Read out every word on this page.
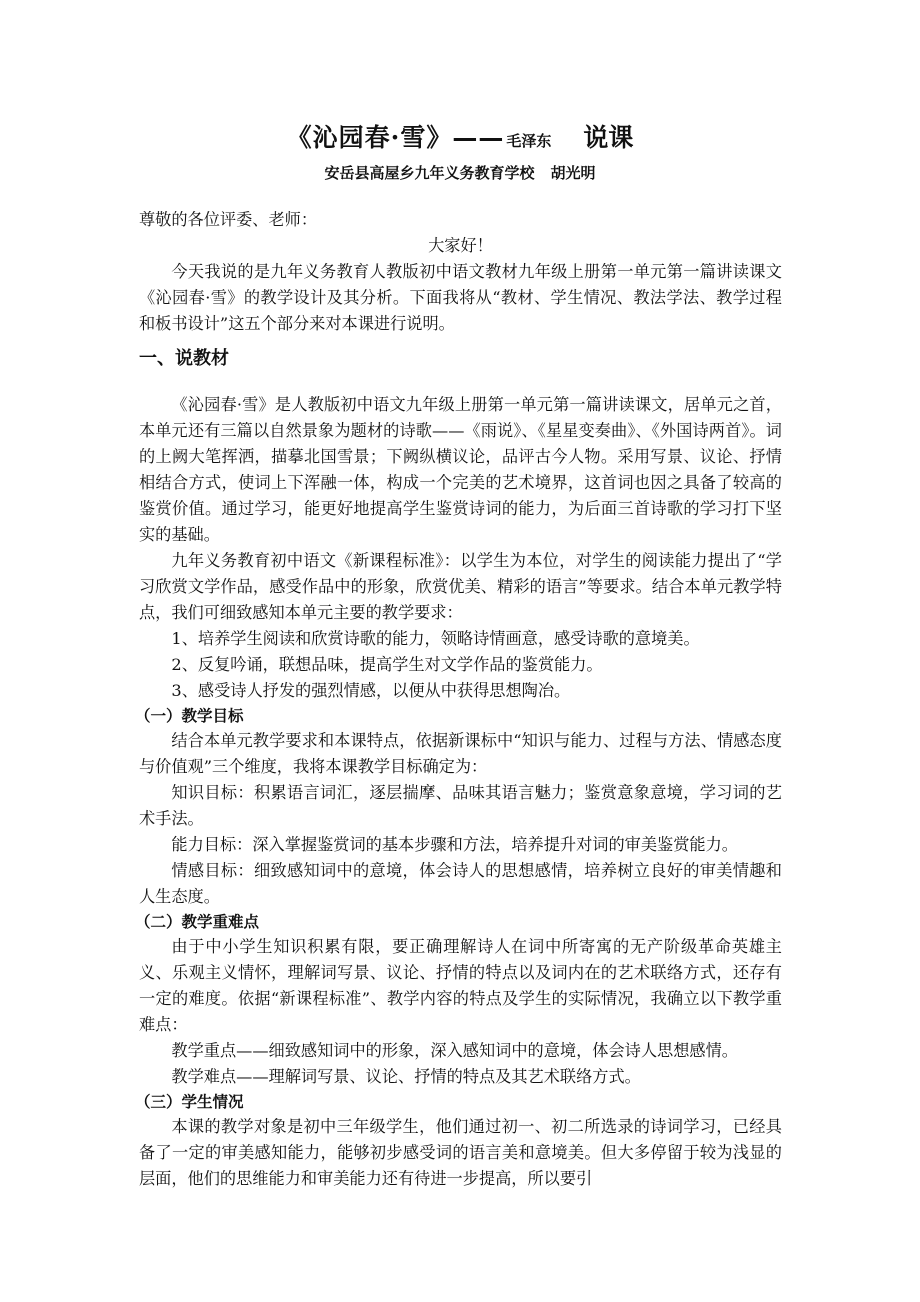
《沁园春·雪》—— 毛泽东 说课
安岳县高屋乡九年义务教育学校 胡光明

尊敬的各位评委、老师：

大家好！

今天我说的是九年义务教育人教版初中语文教材九年级上册第一单元第一篇讲读课文《沁园春·雪》的教学设计及其分析。下面我将从“教材、学生情况、教法学法、教学过程和板书设计”这五个部分来对本课进行说明。

一、说教材

《沁园春·雪》是人教版初中语文九年级上册第一单元第一篇讲读课文，居单元之首，本单元还有三篇以自然景象为题材的诗歌——《雨说》、《星星变奏曲》、《外国诗两首》。词的上阙大笔挥洒，描摹北国雪景；下阙纵横议论，品评古今人物。采用写景、议论、抒情相结合方式，使词上下浑融一体，构成一个完美的艺术境界，这首词也因之具备了较高的鉴赏价值。通过学习，能更好地提高学生鉴赏诗词的能力，为后面三首诗歌的学习打下坚实的基础。

九年义务教育初中语文《新课程标准》：以学生为本位，对学生的阅读能力提出了“学习欣赏文学作品，感受作品中的形象，欣赏优美、精彩的语言”等要求。结合本单元教学特点，我们可细致感知本单元主要的教学要求：

1、培养学生阅读和欣赏诗歌的能力，领略诗情画意，感受诗歌的意境美。

2、反复吟诵，联想品味，提高学生对文学作品的鉴赏能力。

3、感受诗人抒发的强烈情感，以便从中获得思想陶冶。

（一）教学目标

结合本单元教学要求和本课特点，依据新课标中“知识与能力、过程与方法、情感态度与价值观”三个维度，我将本课教学目标确定为：

知识目标：积累语言词汇，逐层揣摩、品味其语言魅力；鉴赏意象意境，学习词的艺术手法。

能力目标：深入掌握鉴赏词的基本步骤和方法，培养提升对词的审美鉴赏能力。

情感目标：细致感知词中的意境，体会诗人的思想感情，培养树立良好的审美情趣和人生态度。

（二）教学重难点

由于中小学生知识积累有限，要正确理解诗人在词中所寄寓的无产阶级革命英雄主义、乐观主义情怀，理解词写景、议论、抒情的特点以及词内在的艺术联络方式，还存有一定的难度。依据“新课程标准”、教学内容的特点及学生的实际情况，我确立以下教学重难点：

教学重点——细致感知词中的形象，深入感知词中的意境，体会诗人思想感情。

教学难点——理解词写景、议论、抒情的特点及其艺术联络方式。

（三）学生情况

本课的教学对象是初中三年级学生，他们通过初一、初二所选录的诗词学习，已经具备了一定的审美感知能力，能够初步感受词的语言美和意境美。但大多停留于较为浅显的层面，他们的思维能力和审美能力还有待进一步提高，所以要引
